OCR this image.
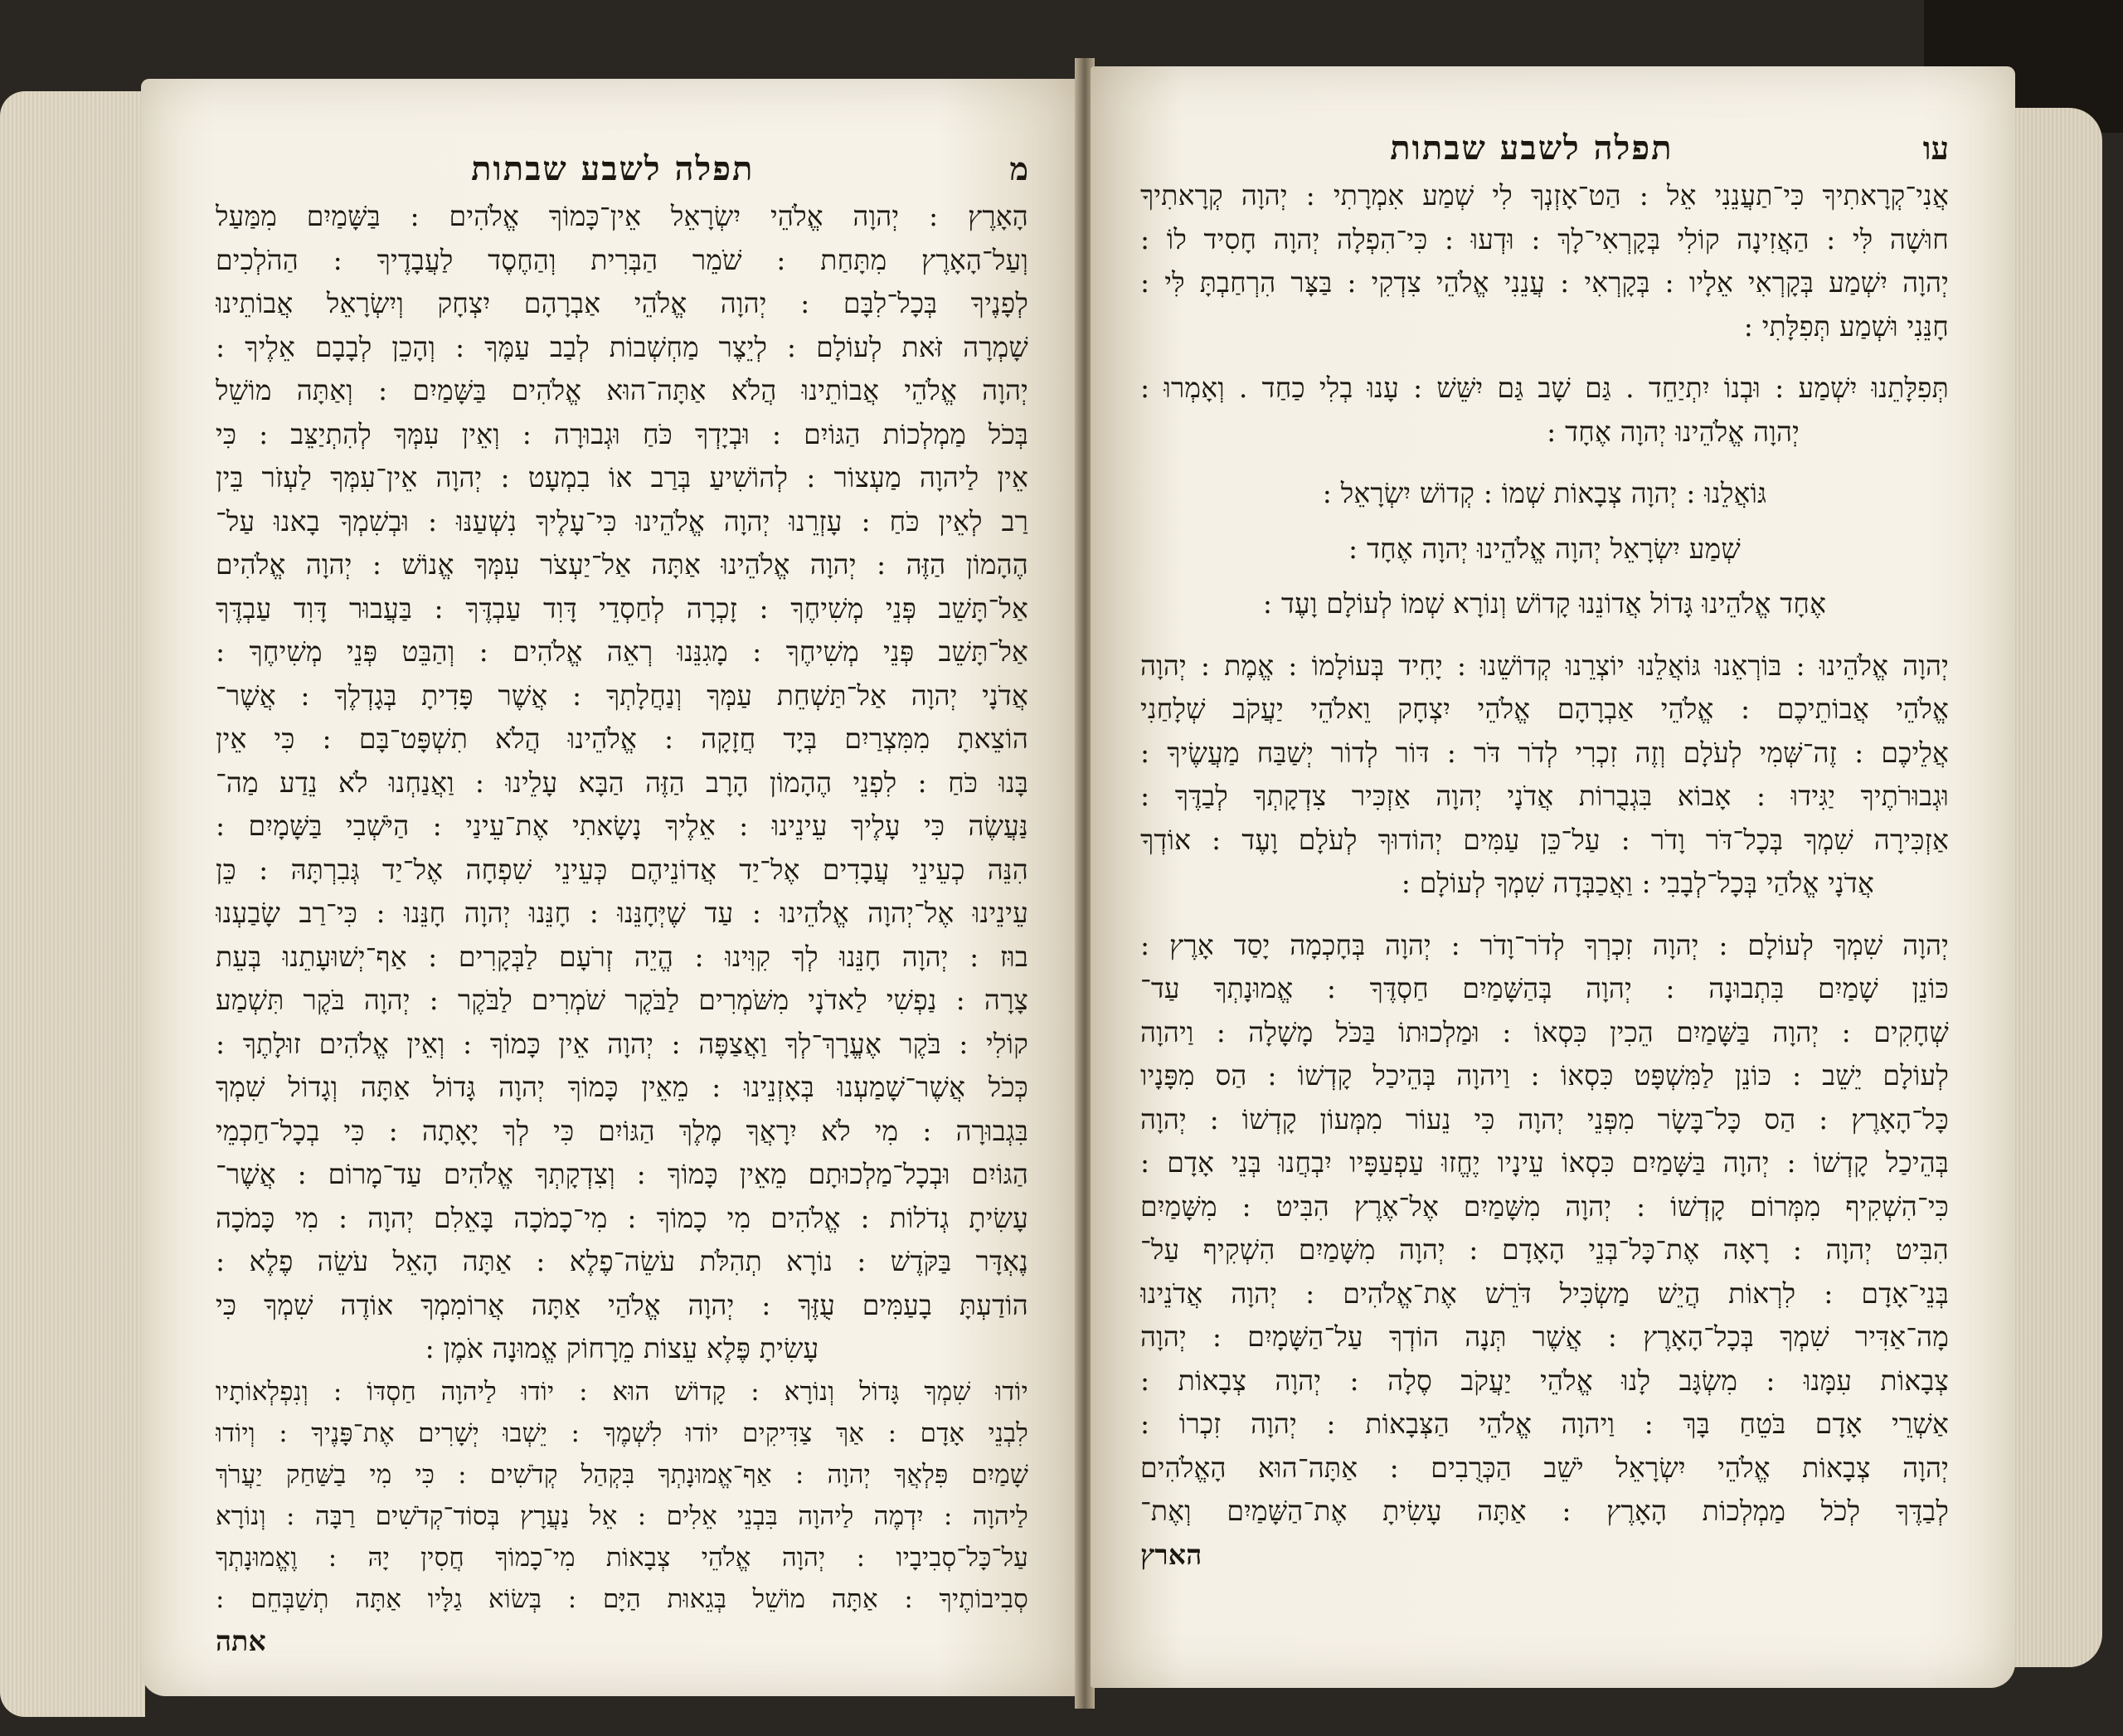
מ
תפלה לשבע שבתות
הָאָרֶץ : יְהוָה אֱלֹהֵי יִשְׂרָאֵל אֵין־כָּמוֹךָ אֱלֹהִים : בַּשָּׁמַיִם מִמַּעַל
וְעַל־הָאָרֶץ מִתָּחַת : שֹׁמֵר הַבְּרִית וְהַחֶסֶד לַעֲבָדֶיךָ : הַהֹלְכִים
לְפָנֶיךָ בְּכָל־לִבָּם : יְהוָה אֱלֹהֵי אַבְרָהָם יִצְחָק וְיִשְׂרָאֵל אֲבוֹתֵינוּ
שָׁמְרָה זֹּאת לְעוֹלָם : לְיֵצֶר מַחְשְׁבוֹת לְבַב עַמֶּךָ : וְהָכֵן לְבָבָם אֵלֶיךָ :
יְהוָה אֱלֹהֵי אֲבוֹתֵינוּ הֲלֹא אַתָּה־הוּא אֱלֹהִים בַּשָּׁמַיִם : וְאַתָּה מוֹשֵׁל
בְּכֹל מַמְלְכוֹת הַגּוֹיִם : וּבְיָדְךָ כֹּחַ וּגְבוּרָה : וְאֵין עִמְּךָ לְהִתְיַצֵּב : כִּי
אֵין לַיהוָה מַעְצוֹר : לְהוֹשִׁיעַ בְּרַב אוֹ בִמְעָט : יְהוָה אֵין־עִמְּךָ לַעְזֹר בֵּין
רַב לְאֵין כֹּחַ : עָזְרֵנוּ יְהוָה אֱלֹהֵינוּ כִּי־עָלֶיךָ נִשְׁעַנּוּ : וּבְשִׁמְךָ בָאנוּ עַל־
הֶהָמוֹן הַזֶּה : יְהוָה אֱלֹהֵינוּ אַתָּה אַל־יַעְצֹר עִמְּךָ אֱנוֹשׁ : יְהוָה אֱלֹהִים
אַל־תָּשֵׁב פְּנֵי מְשִׁיחֶךָ : זָכְרָה לְחַסְדֵי דָּוִד עַבְדֶּךָ : בַּעֲבוּר דָּוִד עַבְדֶּךָ
אַל־תָּשֵׁב פְּנֵי מְשִׁיחֶךָ : מָגִנֵּנוּ רְאֵה אֱלֹהִים : וְהַבֵּט פְּנֵי מְשִׁיחֶךָ :
אֲדֹנָי יְהוָה אַל־תַּשְׁחֵת עַמְּךָ וְנַחֲלָתְךָ : אֲשֶׁר פָּדִיתָ בְּגָדְלֶךָ : אֲשֶׁר־
הוֹצֵאתָ מִמִּצְרַיִם בְּיָד חֲזָקָה : אֱלֹהֵינוּ הֲלֹא תִשְׁפָּט־בָּם : כִּי אֵין
בָּנוּ כֹּחַ : לִפְנֵי הֶהָמוֹן הָרָב הַזֶּה הַבָּא עָלֵינוּ : וַאֲנַחְנוּ לֹא נֵדַע מַה־
נַּעֲשֶׂה כִּי עָלֶיךָ עֵינֵינוּ : אֵלֶיךָ נָשָׂאתִי אֶת־עֵינַי : הַיֹּשְׁבִי בַּשָּׁמָיִם :
הִנֵּה כְעֵינֵי עֲבָדִים אֶל־יַד אֲדוֹנֵיהֶם כְּעֵינֵי שִׁפְחָה אֶל־יַד גְּבִרְתָּהּ : כֵּן
עֵינֵינוּ אֶל־יְהוָה אֱלֹהֵינוּ : עַד שֶׁיְּחָנֵּנוּ : חָנֵּנוּ יְהוָה חָנֵּנוּ : כִּי־רַב שָׂבַעְנוּ
בוּז : יְהוָה חָנֵּנוּ לְךָ קִוִּינוּ : הֱיֵה זְרֹעָם לַבְּקָרִים : אַף־יְשׁוּעָתֵנוּ בְּעֵת
צָרָה : נַפְשִׁי לַאדֹנָי מִשֹּׁמְרִים לַבֹּקֶר שֹׁמְרִים לַבֹּקֶר : יְהוָה בֹּקֶר תִּשְׁמַע
קוֹלִי : בֹּקֶר אֶעֱרָךְ־לְךָ וַאֲצַפֶּה : יְהוָה אֵין כָּמוֹךָ : וְאֵין אֱלֹהִים זוּלָתֶךָ :
כְּכֹל אֲשֶׁר־שָׁמַעְנוּ בְּאָזְנֵינוּ : מֵאֵין כָּמוֹךָ יְהוָה גָּדוֹל אַתָּה וְגָדוֹל שִׁמְךָ
בִּגְבוּרָה : מִי לֹא יִרָאֲךָ מֶלֶךְ הַגּוֹיִם כִּי לְךָ יָאָתָה : כִּי בְכָל־חַכְמֵי
הַגּוֹיִם וּבְכָל־מַלְכוּתָם מֵאֵין כָּמוֹךָ : וְצִדְקָתְךָ אֱלֹהִים עַד־מָרוֹם : אֲשֶׁר־
עָשִׂיתָ גְדֹלוֹת : אֱלֹהִים מִי כָמוֹךָ : מִי־כָמֹכָה בָּאֵלִם יְהוָה : מִי כָּמֹכָה
נֶאְדָּר בַּקֹּדֶשׁ : נוֹרָא תְהִלֹּת עֹשֵׂה־פֶלֶא : אַתָּה הָאֵל עֹשֵׂה פֶלֶא :
הוֹדַעְתָּ בָעַמִּים עֻזֶּךָ : יְהוָה אֱלֹהַי אַתָּה אֲרוֹמִמְךָ אוֹדֶה שִׁמְךָ כִּי
עָשִׂיתָ פֶּלֶא עֵצוֹת מֵרָחוֹק אֱמוּנָה אֹמֶן :
יוֹדוּ שִׁמְךָ גָּדוֹל וְנוֹרָא : קָדוֹשׁ הוּא : יוֹדוּ לַיהוָה חַסְדּוֹ : וְנִפְלְאוֹתָיו
לִבְנֵי אָדָם : אַךְ צַדִּיקִים יוֹדוּ לִשְׁמֶךָ : יֵשְׁבוּ יְשָׁרִים אֶת־פָּנֶיךָ : וְיוֹדוּ
שָׁמַיִם פִּלְאֲךָ יְהוָה : אַף־אֱמוּנָתְךָ בִּקְהַל קְדֹשִׁים : כִּי מִי בַשַּׁחַק יַעֲרֹךְ
לַיהוָה : יִדְמֶה לַיהוָה בִּבְנֵי אֵלִים : אֵל נַעֲרָץ בְּסוֹד־קְדֹשִׁים רַבָּה : וְנוֹרָא
עַל־כָּל־סְבִיבָיו : יְהוָה אֱלֹהֵי צְבָאוֹת מִי־כָמוֹךָ חֲסִין יָהּ : וֶאֱמוּנָתְךָ
סְבִיבוֹתֶיךָ : אַתָּה מוֹשֵׁל בְּגֵאוּת הַיָּם : בְּשׂוֹא גַלָּיו אַתָּה תְשַׁבְּחֵם :
אתה
עו
תפלה לשבע שבתות
אֲנִי־קְרָאתִיךָ כִּי־תַעֲנֵנִי אֵל : הַט־אָזְנְךָ לִי שְׁמַע אִמְרָתִי : יְהוָה קְרָאתִיךָ
חוּשָׁה לִּי : הַאֲזִינָה קוֹלִי בְּקָרְאִי־לָךְ : וּדְעוּ : כִּי־הִפְלָה יְהוָה חָסִיד לוֹ :
יְהוָה יִשְׁמַע בְּקָרְאִי אֵלָיו : בְּקָרְאִי : עֲנֵנִי אֱלֹהֵי צִדְקִי : בַּצָּר הִרְחַבְתָּ לִּי :
חָנֵּנִי וּשְׁמַע תְּפִלָּתִי :
תְּפִלָּתֵנוּ יִשְׁמַע : וּבְנוֹ יִתְיַחֵד . גַּם שָׁב גַּם יִשֵּׁשׁ : עָנוּ בְלִי כַחַד . וְאָמְרוּ :
יְהוָה אֱלֹהֵינוּ יְהוָה אֶחָד :
גּוֹאֲלֵנוּ : יְהוָה צְבָאוֹת שְׁמוֹ : קְדוֹשׁ יִשְׂרָאֵל :
שְׁמַע יִשְׂרָאֵל יְהוָה אֱלֹהֵינוּ יְהוָה אֶחָד :
אֶחָד אֱלֹהֵינוּ גָּדוֹל אֲדוֹנֵנוּ קָדוֹשׁ וְנוֹרָא שְׁמוֹ לְעוֹלָם וָעֶד :
יְהוָה אֱלֹהֵינוּ : בּוֹרְאֵנוּ גּוֹאֲלֵנוּ יוֹצְרֵנוּ קְדוֹשֵׁנוּ : יָחִיד בְּעוֹלָמוֹ : אֱמֶת : יְהוָה
אֱלֹהֵי אֲבוֹתֵיכֶם : אֱלֹהֵי אַבְרָהָם אֱלֹהֵי יִצְחָק וֵאלֹהֵי יַעֲקֹב שְׁלָחַנִי
אֲלֵיכֶם : זֶה־שְּׁמִי לְעֹלָם וְזֶה זִכְרִי לְדֹר דֹּר : דּוֹר לְדוֹר יְשַׁבַּח מַעֲשֶׂיךָ :
וּגְבוּרֹתֶיךָ יַגִּידוּ : אָבוֹא בִּגְבֻרוֹת אֲדֹנָי יְהוָה אַזְכִּיר צִדְקָתְךָ לְבַדֶּךָ :
אַזְכִּירָה שִׁמְךָ בְּכָל־דֹּר וָדֹר : עַל־כֵּן עַמִּים יְהוֹדוּךָ לְעֹלָם וָעֶד : אוֹדְךָ
אֲדֹנָי אֱלֹהַי בְּכָל־לְבָבִי : וַאֲכַבְּדָה שִׁמְךָ לְעוֹלָם :
יְהוָה שִׁמְךָ לְעוֹלָם : יְהוָה זִכְרְךָ לְדֹר־וָדֹר : יְהוָה בְּחָכְמָה יָסַד אָרֶץ :
כּוֹנֵן שָׁמַיִם בִּתְבוּנָה : יְהוָה בְּהַשָּׁמַיִם חַסְדֶּךָ : אֱמוּנָתְךָ עַד־
שְׁחָקִים : יְהוָה בַּשָּׁמַיִם הֵכִין כִּסְאוֹ : וּמַלְכוּתוֹ בַּכֹּל מָשָׁלָה : וַיהוָה
לְעוֹלָם יֵשֵׁב : כּוֹנֵן לַמִּשְׁפָּט כִּסְאוֹ : וַיהוָה בְּהֵיכַל קָדְשׁוֹ : הַס מִפָּנָיו
כָּל־הָאָרֶץ : הַס כָּל־בָּשָׂר מִפְּנֵי יְהוָה כִּי נֵעוֹר מִמְּעוֹן קָדְשׁוֹ : יְהוָה
בְּהֵיכַל קָדְשׁוֹ : יְהוָה בַּשָּׁמַיִם כִּסְאוֹ עֵינָיו יֶחֱזוּ עַפְעַפָּיו יִבְחֲנוּ בְּנֵי אָדָם :
כִּי־הִשְׁקִיף מִמְּרוֹם קָדְשׁוֹ : יְהוָה מִשָּׁמַיִם אֶל־אֶרֶץ הִבִּיט : מִשָּׁמַיִם
הִבִּיט יְהוָה : רָאָה אֶת־כָּל־בְּנֵי הָאָדָם : יְהוָה מִשָּׁמַיִם הִשְׁקִיף עַל־
בְּנֵי־אָדָם : לִרְאוֹת הֲיֵשׁ מַשְׂכִּיל דֹּרֵשׁ אֶת־אֱלֹהִים : יְהוָה אֲדֹנֵינוּ
מָה־אַדִּיר שִׁמְךָ בְּכָל־הָאָרֶץ : אֲשֶׁר תְּנָה הוֹדְךָ עַל־הַשָּׁמָיִם : יְהוָה
צְבָאוֹת עִמָּנוּ : מִשְׂגָּב לָנוּ אֱלֹהֵי יַעֲקֹב סֶלָה : יְהוָה צְבָאוֹת :
אַשְׁרֵי אָדָם בֹּטֵחַ בָּךְ : וַיהוָה אֱלֹהֵי הַצְּבָאוֹת : יְהוָה זִכְרוֹ :
יְהוָה צְבָאוֹת אֱלֹהֵי יִשְׂרָאֵל יֹשֵׁב הַכְּרֻבִים : אַתָּה־הוּא הָאֱלֹהִים
לְבַדֶּךָ לְכֹל מַמְלְכוֹת הָאָרֶץ : אַתָּה עָשִׂיתָ אֶת־הַשָּׁמַיִם וְאֶת־
הארץ
